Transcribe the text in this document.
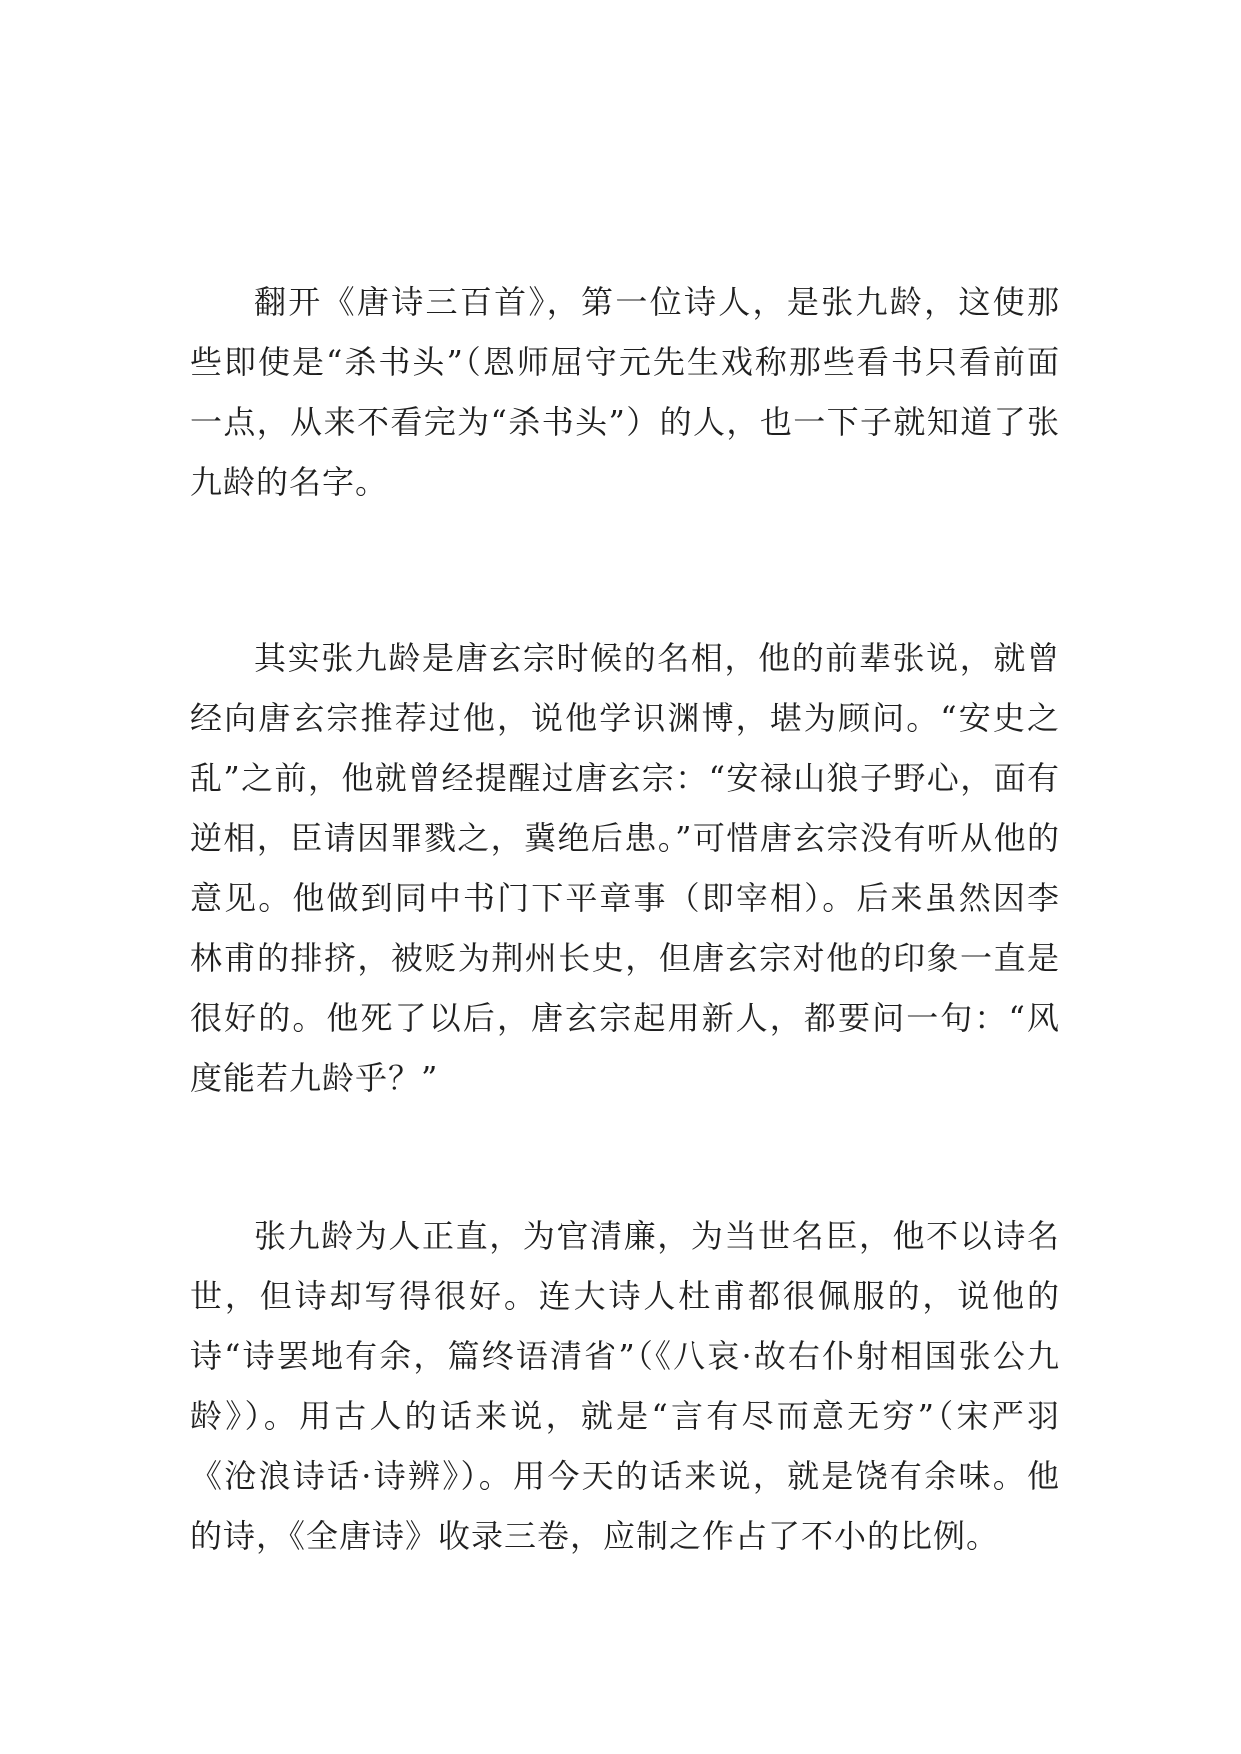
翻开《唐诗三百首》，第一位诗人，是张九龄，这使那些即使是“杀书头”（恩师屈守元先生戏称那些看书只看前面一点，从来不看完为“杀书头”）的人，也一下子就知道了张九龄的名字。

其实张九龄是唐玄宗时候的名相，他的前辈张说，就曾经向唐玄宗推荐过他，说他学识渊博，堪为顾问。“安史之乱”之前，他就曾经提醒过唐玄宗：“安禄山狼子野心，面有逆相，臣请因罪戮之，冀绝后患。”可惜唐玄宗没有听从他的意见。他做到同中书门下平章事（即宰相）。后来虽然因李林甫的排挤，被贬为荆州长史，但唐玄宗对他的印象一直是很好的。他死了以后，唐玄宗起用新人，都要问一句：“风度能若九龄乎？”

张九龄为人正直，为官清廉，为当世名臣，他不以诗名世，但诗却写得很好。连大诗人杜甫都很佩服的，说他的诗“诗罢地有余，篇终语清省”（《八哀·故右仆射相国张公九龄》）。用古人的话来说，就是“言有尽而意无穷”（宋严羽《沧浪诗话·诗辨》）。用今天的话来说，就是饶有余味。他的诗，《全唐诗》收录三卷，应制之作占了不小的比例。
